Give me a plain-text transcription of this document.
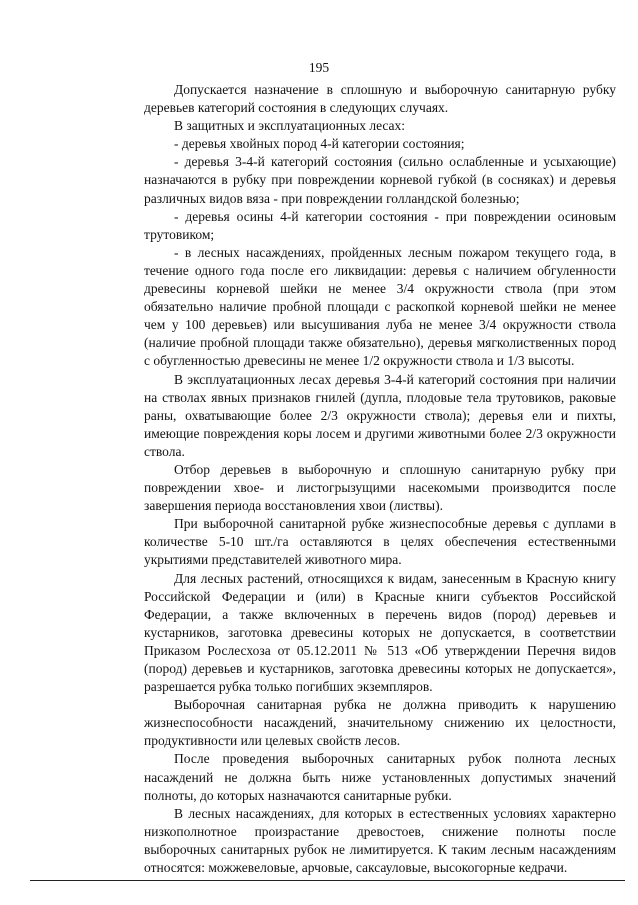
195

Допускается назначение в сплошную и выборочную санитарную рубку деревьев категорий состояния в следующих случаях.

В защитных и эксплуатационных лесах:

- деревья хвойных пород 4-й категории состояния;

- деревья 3-4-й категорий состояния (сильно ослабленные и усыхающие) назначаются в рубку при повреждении корневой губкой (в сосняках) и деревья различных видов вяза - при повреждении голландской болезнью;

- деревья осины 4-й категории состояния - при повреждении осиновым трутовиком;

- в лесных насаждениях, пройденных лесным пожаром текущего года, в течение одного года после его ликвидации: деревья с наличием обгуленности древесины корневой шейки не менее 3/4 окружности ствола (при этом обязательно наличие пробной площади с раскопкой корневой шейки не менее чем у 100 деревьев) или высушивания луба не менее 3/4 окружности ствола (наличие пробной площади также обязательно), деревья мягколиственных пород с обугленностью древесины не менее 1/2 окружности ствола и 1/3 высоты.

В эксплуатационных лесах деревья 3-4-й категорий состояния при наличии на стволах явных признаков гнилей (дупла, плодовые тела трутовиков, раковые раны, охватывающие более 2/3 окружности ствола); деревья ели и пихты, имеющие повреждения коры лосем и другими животными более 2/3 окружности ствола.

Отбор деревьев в выборочную и сплошную санитарную рубку при повреждении хвое- и листогрызущими насекомыми производится после завершения периода восстановления хвои (листвы).

При выборочной санитарной рубке жизнеспособные деревья с дуплами в количестве 5-10 шт./га оставляются в целях обеспечения естественными укрытиями представителей животного мира.

Для лесных растений, относящихся к видам, занесенным в Красную книгу Российской Федерации и (или) в Красные книги субъектов Российской Федерации, а также включенных в перечень видов (пород) деревьев и кустарников, заготовка древесины которых не допускается, в соответствии Приказом Рослесхоза от 05.12.2011 № 513 «Об утверждении Перечня видов (пород) деревьев и кустарников, заготовка древесины которых не допускается», разрешается рубка только погибших экземпляров.

Выборочная санитарная рубка не должна приводить к нарушению жизнеспособности насаждений, значительному снижению их целостности, продуктивности или целевых свойств лесов.

После проведения выборочных санитарных рубок полнота лесных насаждений не должна быть ниже установленных допустимых значений полноты, до которых назначаются санитарные рубки.

В лесных насаждениях, для которых в естественных условиях характерно низкополнотное произрастание древостоев, снижение полноты после выборочных санитарных рубок не лимитируется. К таким лесным насаждениям относятся: можжевеловые, арчовые, саксауловые, высокогорные кедрачи.
